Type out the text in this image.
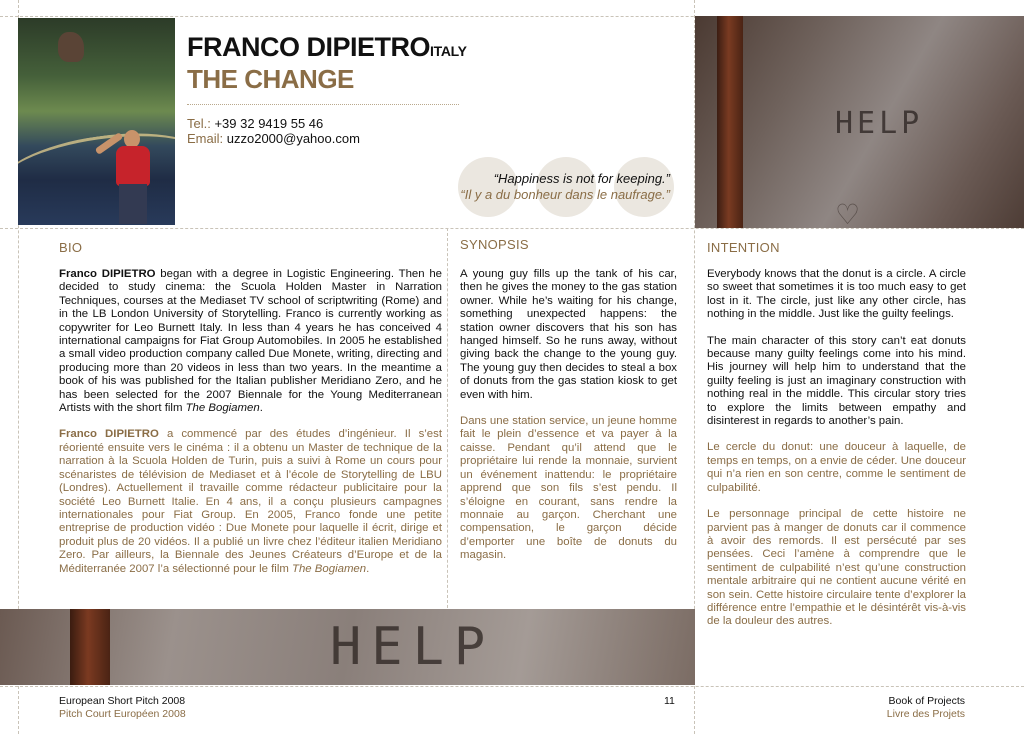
FRANCO DIPIETROITALY
THE CHANGE
Tel.: +39 32 9419 55 46
Email: uzzo2000@yahoo.com
“Happiness is not for keeping.”
“Il y a du bonheur dans le naufrage.”
HELP
♡
BIO

Franco DIPIETRO began with a degree in Logistic Engineering. Then he decided to study cinema: the Scuola Holden Master in Narration Techniques, courses at the Mediaset TV school of scriptwriting (Rome) and in the LB London University of Storytelling. Franco is currently working as copywriter for Leo Burnett Italy. In less than 4 years he has conceived 4 international campaigns for Fiat Group Automobiles. In 2005 he established a small video production company called Due Monete, writing, directing and producing more than 20 videos in less than two years. In the meantime a book of his was published for the Italian publisher Meridiano Zero, and he has been selected for the 2007 Biennale for the Young Mediterranean Artists with the short film The Bogiamen.

Franco DIPIETRO a commencé par des études d’ingénieur. Il s’est réorienté ensuite vers le cinéma : il a obtenu un Master de technique de la narration à la Scuola Holden de Turin, puis a suivi à Rome un cours pour scénaristes de télévision de Mediaset et à l’école de Storytelling de LBU (Londres). Actuellement il travaille comme rédacteur publicitaire pour la société Leo Burnett Italie. En 4 ans, il a conçu plusieurs campagnes internationales pour Fiat Group. En 2005, Franco fonde une petite entreprise de production vidéo : Due Monete pour laquelle il écrit, dirige et produit plus de 20 vidéos. Il a publié un livre chez l’éditeur italien Meridiano Zero. Par ailleurs, la Biennale des Jeunes Créateurs d’Europe et de la Méditerranée 2007 l’a sélectionné pour le film The Bogiamen.

SYNOPSIS

A young guy fills up the tank of his car, then he gives the money to the gas station owner. While he’s waiting for his change, something unexpected happens: the station owner discovers that his son has hanged himself. So he runs away, without giving back the change to the young guy. The young guy then decides to steal a box of donuts from the gas station kiosk to get even with him.

Dans une station service, un jeune homme fait le plein d’essence et va payer à la caisse. Pendant qu’il attend que le propriétaire lui rende la monnaie, survient un événement inattendu: le propriétaire apprend que son fils s’est pendu. Il s’éloigne en courant, sans rendre la monnaie au garçon. Cherchant une compensation, le garçon décide d’emporter une boîte de donuts du magasin.

INTENTION

Everybody knows that the donut is a circle. A circle so sweet that sometimes it is too much easy to get lost in it. The circle, just like any other circle, has nothing in the middle. Just like the guilty feelings.

The main character of this story can’t eat donuts because many guilty feelings come into his mind. His journey will help him to understand that the guilty feeling is just an imaginary construction with nothing real in the middle. This circular story tries to explore the limits between empathy and disinterest in regards to another’s pain.

Le cercle du donut: une douceur à laquelle, de temps en temps, on a envie de céder. Une douceur qui n’a rien en son centre, comme le sentiment de culpabilité.

Le personnage principal de cette histoire ne parvient pas à manger de donuts car il commence à avoir des remords. Il est persécuté par ses pensées. Ceci l’amène à comprendre que le sentiment de culpabilité n’est qu’une construction mentale arbitraire qui ne contient aucune vérité en son sein. Cette histoire circulaire tente d’explorer la différence entre l’empathie et le désintérêt vis-à-vis de la douleur des autres.

HELP
European Short Pitch 2008
Pitch Court Européen 2008
11	Book of Projects
Livre des Projets
